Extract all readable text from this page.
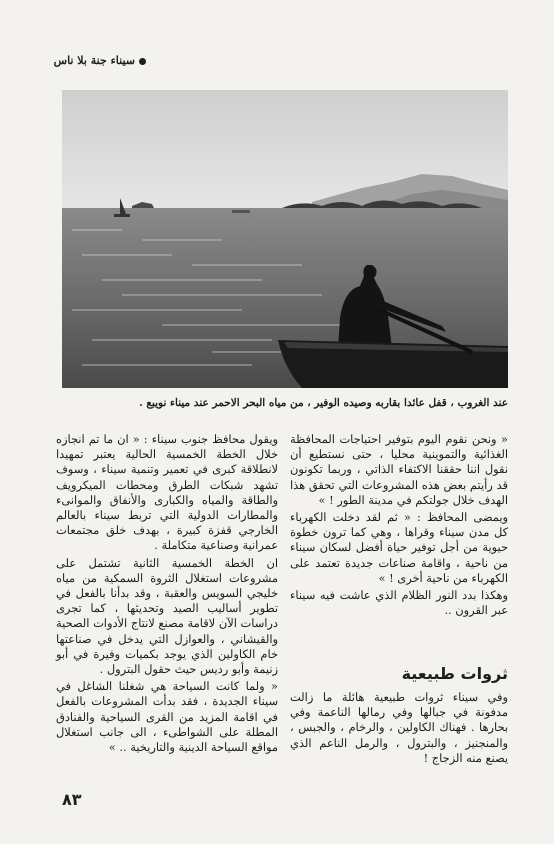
سيناء جنة بلا ناس
عند الغروب ، قفل عائدا بقاربه وصيده الوفير ، من مياه البحر الاحمر عند ميناء نويبع .

« ونحن نقوم اليوم بتوفير احتياجات المحافظة الغذائية والتموينية محليا ، حتى نستطيع أن نقول اننا حققنا الاكتفاء الذاتي ، وربما تكونون قد رأيتم بعض هذه المشروعات التي تحقق هذا الهدف خلال جولتكم في مدينة الطور ! »

ويمضى المحافظ : « ثم لقد دخلت الكهرباء كل مدن سيناء وقراها ، وهي كما ترون خطوة حيوية من أجل توفير حياة أفضل لسكان سيناء من ناحية ، واقامة صناعات جديدة تعتمد على الكهرباء من ناحية أخرى ! »

وهكذا بدد النور الظلام الذي عاشت فيه سيناء عبر القرون ..

ثروات طبيعية

وفي سيناء ثروات طبيعية هائلة ما زالت مدفونة في جبالها وفي رمالها الناعمة وفي بحارها . فهناك الكاولين ، والرخام ، والجبس ، والمنجنيز ، والبترول ، والرمل الناعم الذي يصنع منه الزجاج !

ويقول محافظ جنوب سيناء : « ان ما تم انجازه خلال الخطة الخمسية الحالية يعتبر تمهيدا لانطلاقة كبرى في تعمير وتنمية سيناء ، وسوف تشهد شبكات الطرق ومحطات الميكرويف والطاقة والمياه والكبارى والأنفاق والموانىء والمطارات الدولية التي تربط سيناء بالعالم الخارجي قفزة كبيرة ، بهدف خلق مجتمعات عمرانية وصناعية متكاملة .

ان الخطة الخمسية الثانية تشتمل على مشروعات استغلال الثروة السمكية من مياه خليجي السويس والعقبة ، وقد بدأنا بالفعل في تطوير أساليب الصيد وتحديثها ، كما تجرى دراسات الآن لاقامة مصنع لانتاج الأدوات الصحية والقيشاني ، والعوازل التي يدخل في صناعتها خام الكاولين الذي يوجد بكميات وفيرة في أبو زنيمة وأبو رديس حيث حقول البترول .

« ولما كانت السياحة هي شغلنا الشاغل في سيناء الجديدة ، فقد بدأت المشروعات بالفعل في اقامة المزيد من القرى السياحية والفنادق المطلة على الشواطىء ، الى جانب استغلال مواقع السياحة الدينية والتاريخية .. »

٨٣
